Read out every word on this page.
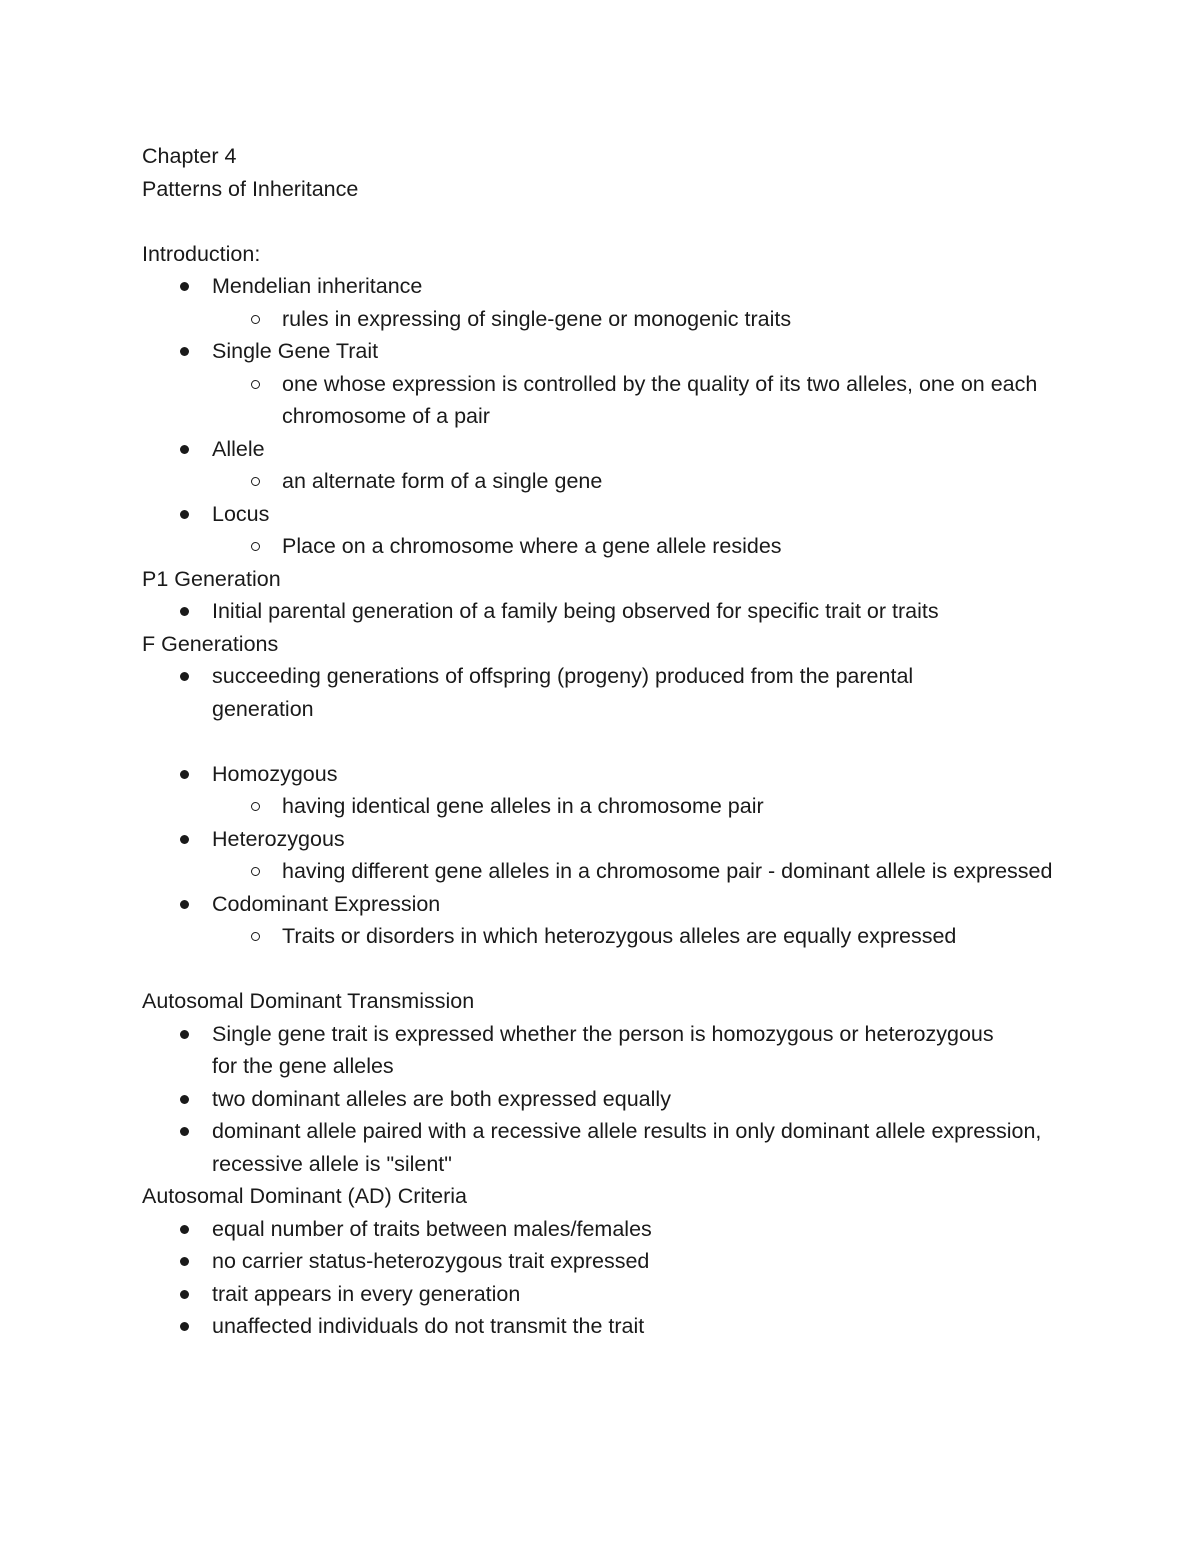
Chapter 4

Patterns of Inheritance

Introduction:

Mendelian inheritance
rules in expressing of single-gene or monogenic traits
Single Gene Trait
one whose expression is controlled by the quality of its two alleles, one on each chromosome of a pair
Allele
an alternate form of a single gene
Locus
Place on a chromosome where a gene allele resides

P1 Generation

Initial parental generation of a family being observed for specific trait or traits

F Generations

succeeding generations of offspring (progeny) produced from the parental generation
Homozygous
having identical gene alleles in a chromosome pair
Heterozygous
having different gene alleles in a chromosome pair - dominant allele is expressed
Codominant Expression
Traits or disorders in which heterozygous alleles are equally expressed

Autosomal Dominant Transmission

Single gene trait is expressed whether the person is homozygous or heterozygous for the gene alleles
two dominant alleles are both expressed equally
dominant allele paired with a recessive allele results in only dominant allele expression, recessive allele is "silent"

Autosomal Dominant (AD) Criteria

equal number of traits between males/females
no carrier status-heterozygous trait expressed
trait appears in every generation
unaffected individuals do not transmit the trait
